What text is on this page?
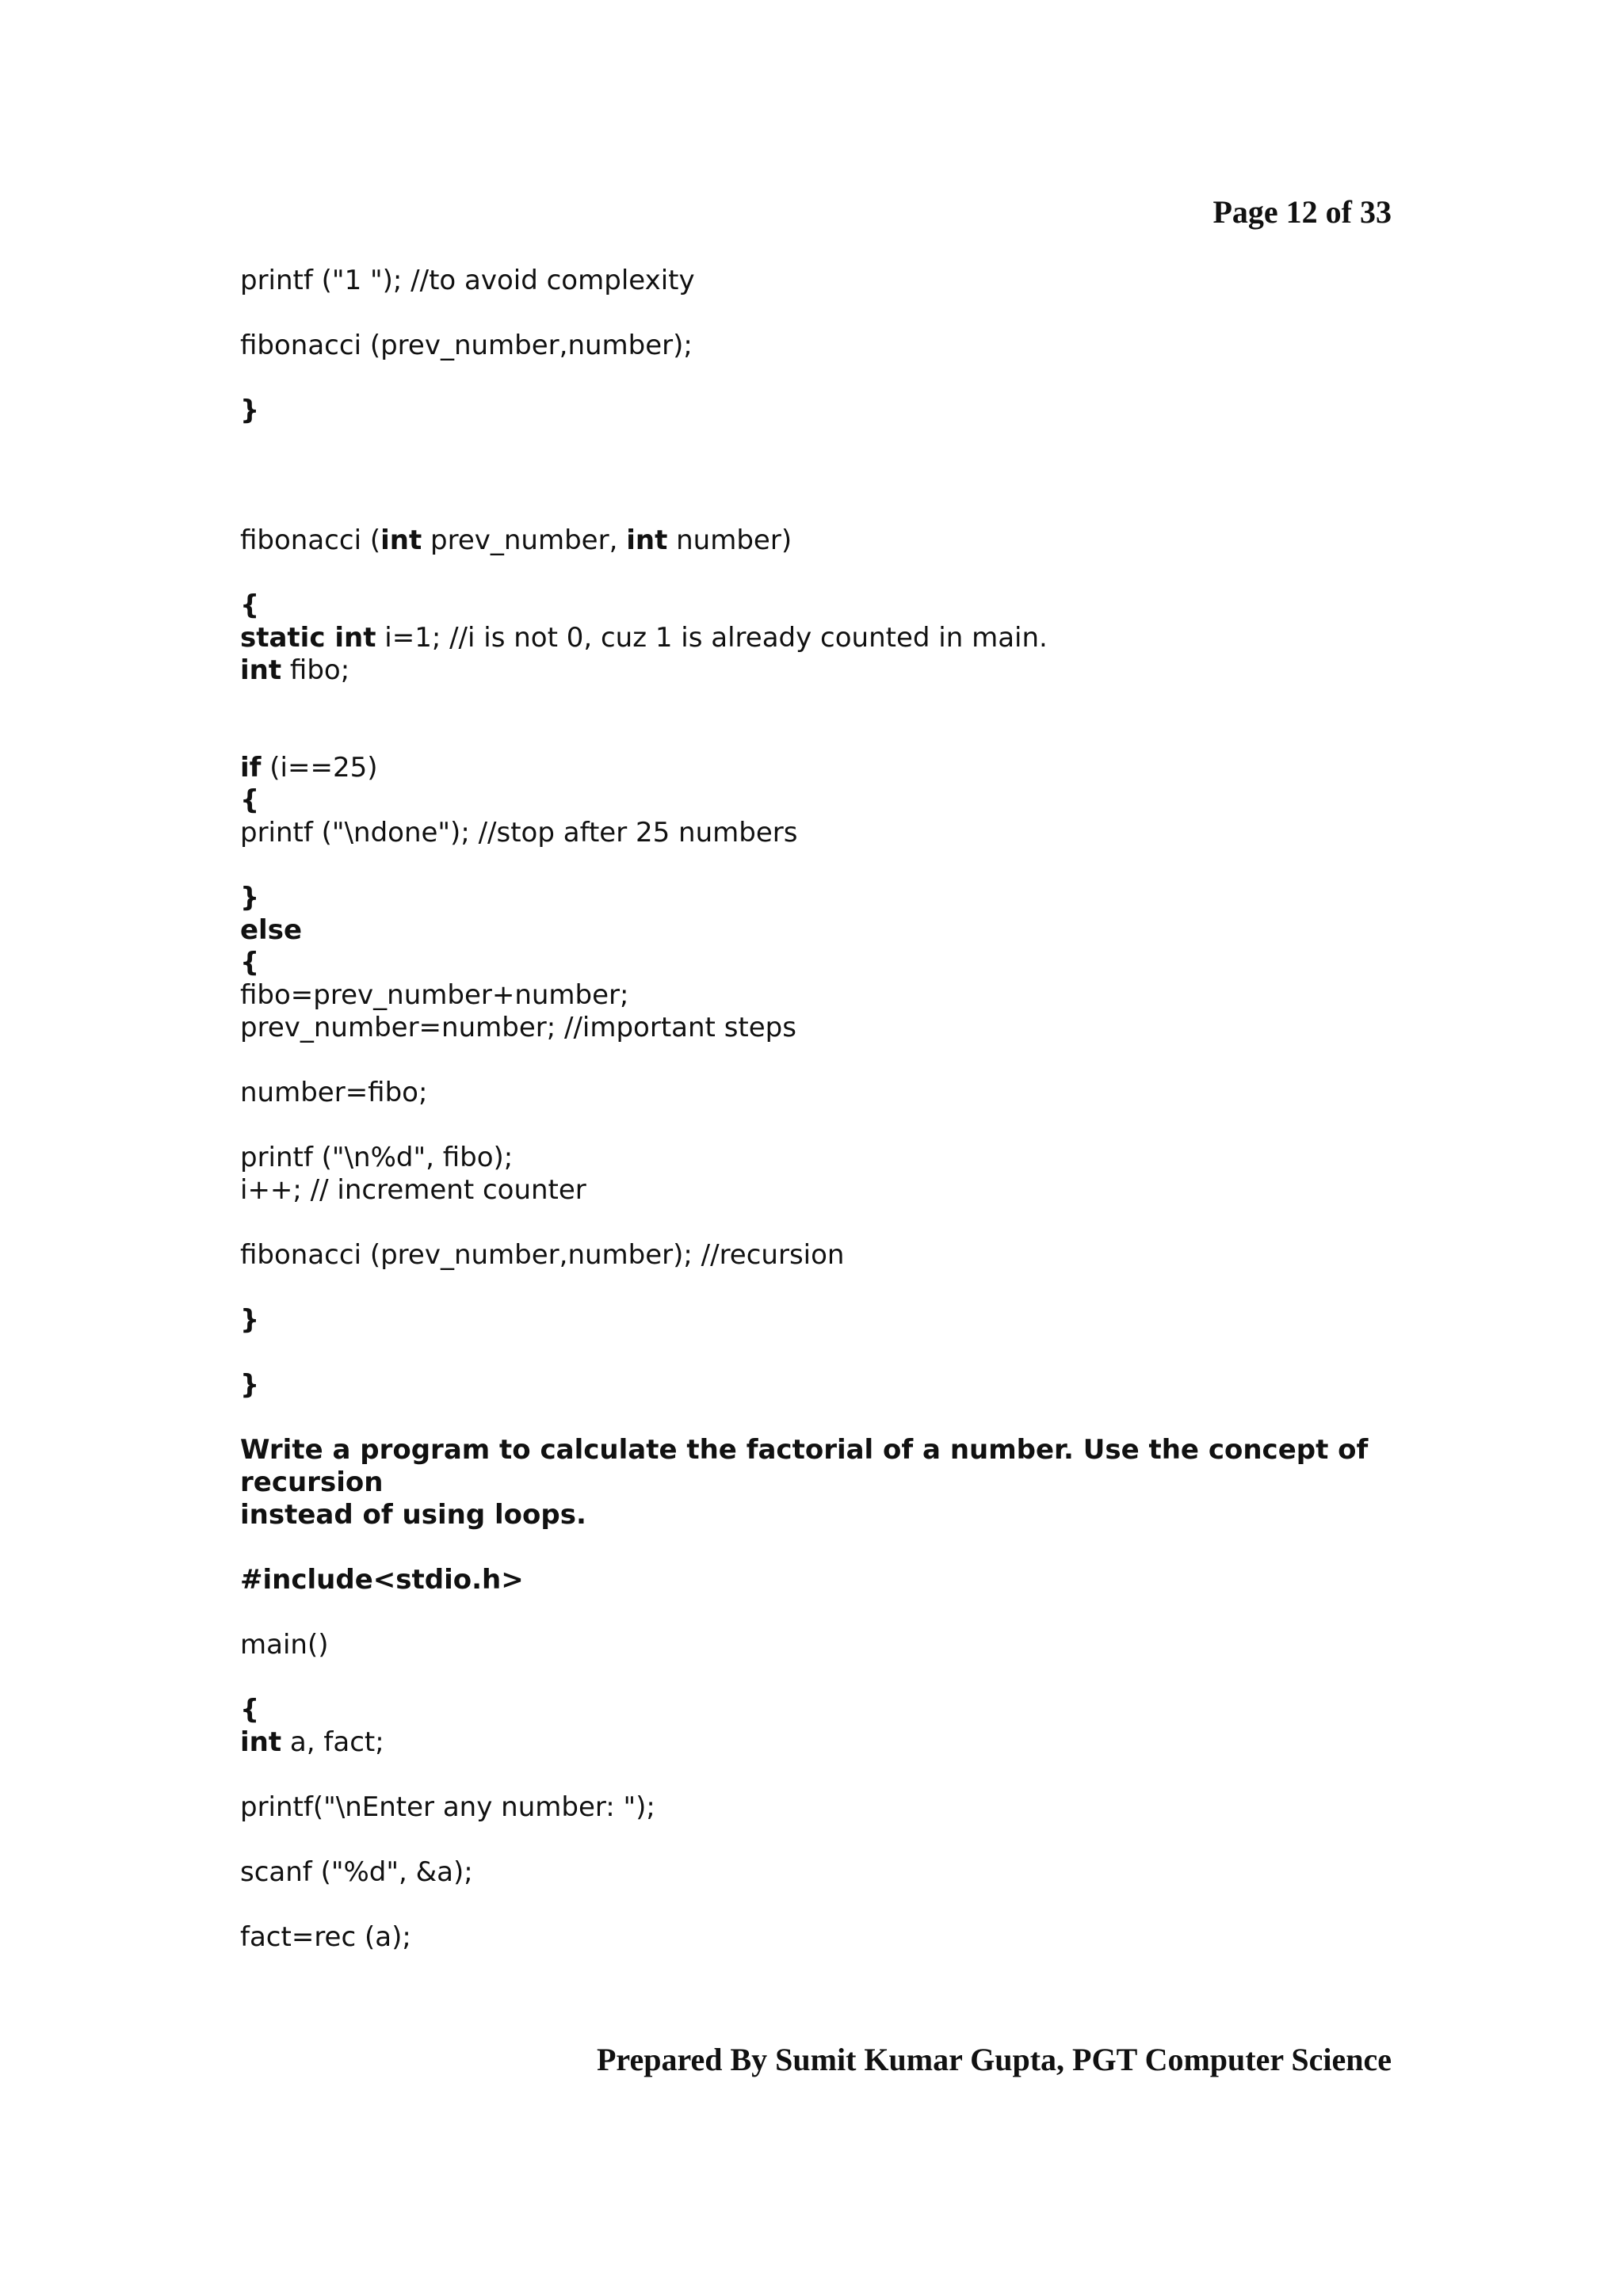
Page 12 of 33
printf ("1 "); //to avoid complexity
fibonacci (prev_number,number);
}
fibonacci (int prev_number, int number)
{
static int i=1; //i is not 0, cuz 1 is already counted in main.
int fibo;
if (i==25)
{
printf ("\ndone"); //stop after 25 numbers
}
else
{
fibo=prev_number+number;
prev_number=number; //important steps
number=fibo;
printf ("\n%d", fibo);
i++; // increment counter
fibonacci (prev_number,number); //recursion
}
}
Write a program to calculate the factorial of a number. Use the concept of
recursion
instead of using loops.
#include<stdio.h>
main()
{
int a, fact;
printf("\nEnter any number: ");
scanf ("%d", &a);
fact=rec (a);
Prepared By Sumit Kumar Gupta, PGT Computer Science
